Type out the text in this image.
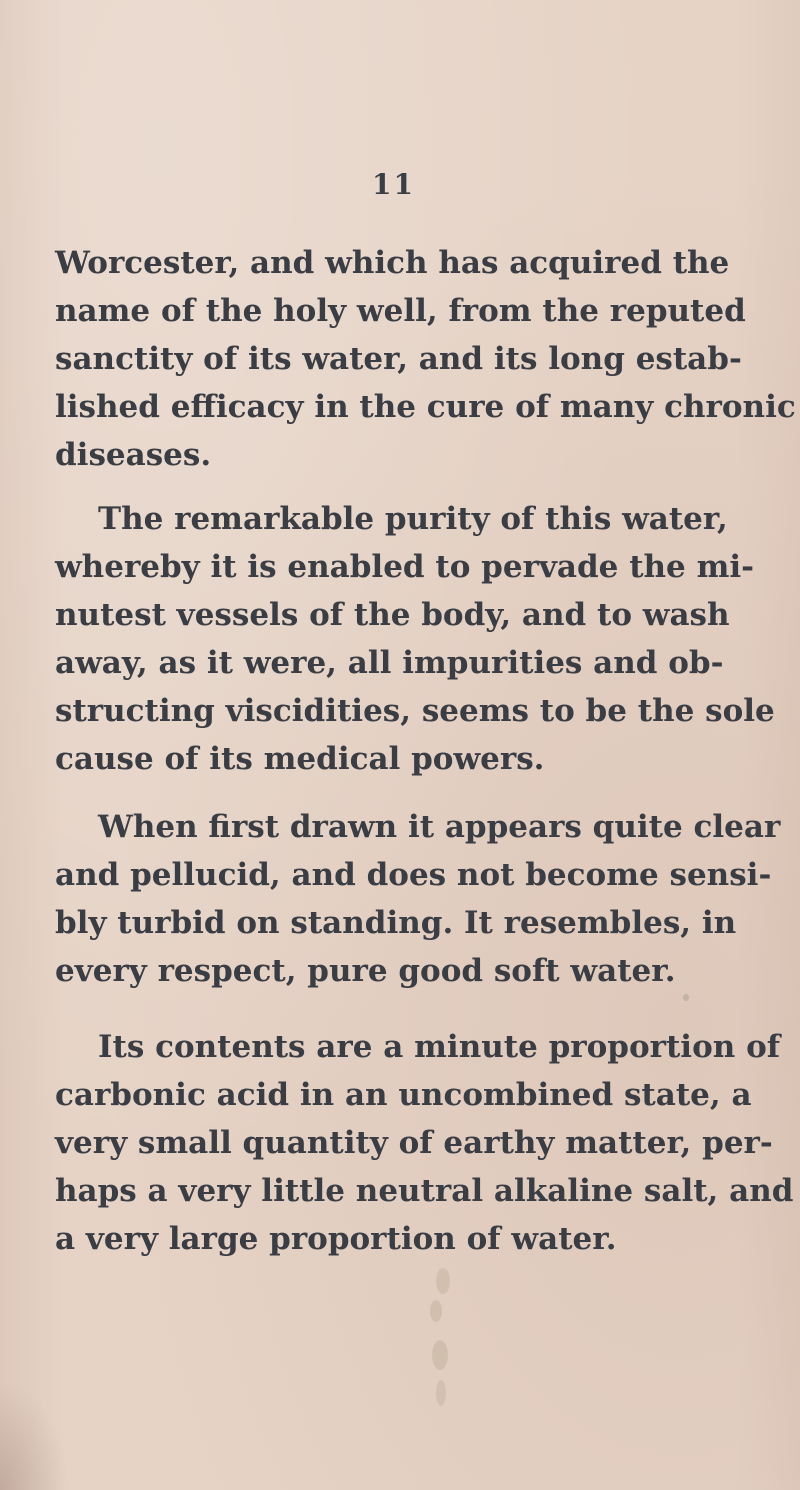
11
Worcester, and which has acquired the
name of the holy well, from the reputed
sanctity of its water, and its long estab-
lished efficacy in the cure of many chronic
diseases.
The remarkable purity of this water,
whereby it is enabled to pervade the mi-
nutest vessels of the body, and to wash
away, as it were, all impurities and ob-
structing viscidities, seems to be the sole
cause of its medical powers.
When first drawn it appears quite clear
and pellucid, and does not become sensi-
bly turbid on standing. It resembles, in
every respect, pure good soft water.
Its contents are a minute proportion of
carbonic acid in an uncombined state, a
very small quantity of earthy matter, per-
haps a very little neutral alkaline salt, and
a very large proportion of water.
